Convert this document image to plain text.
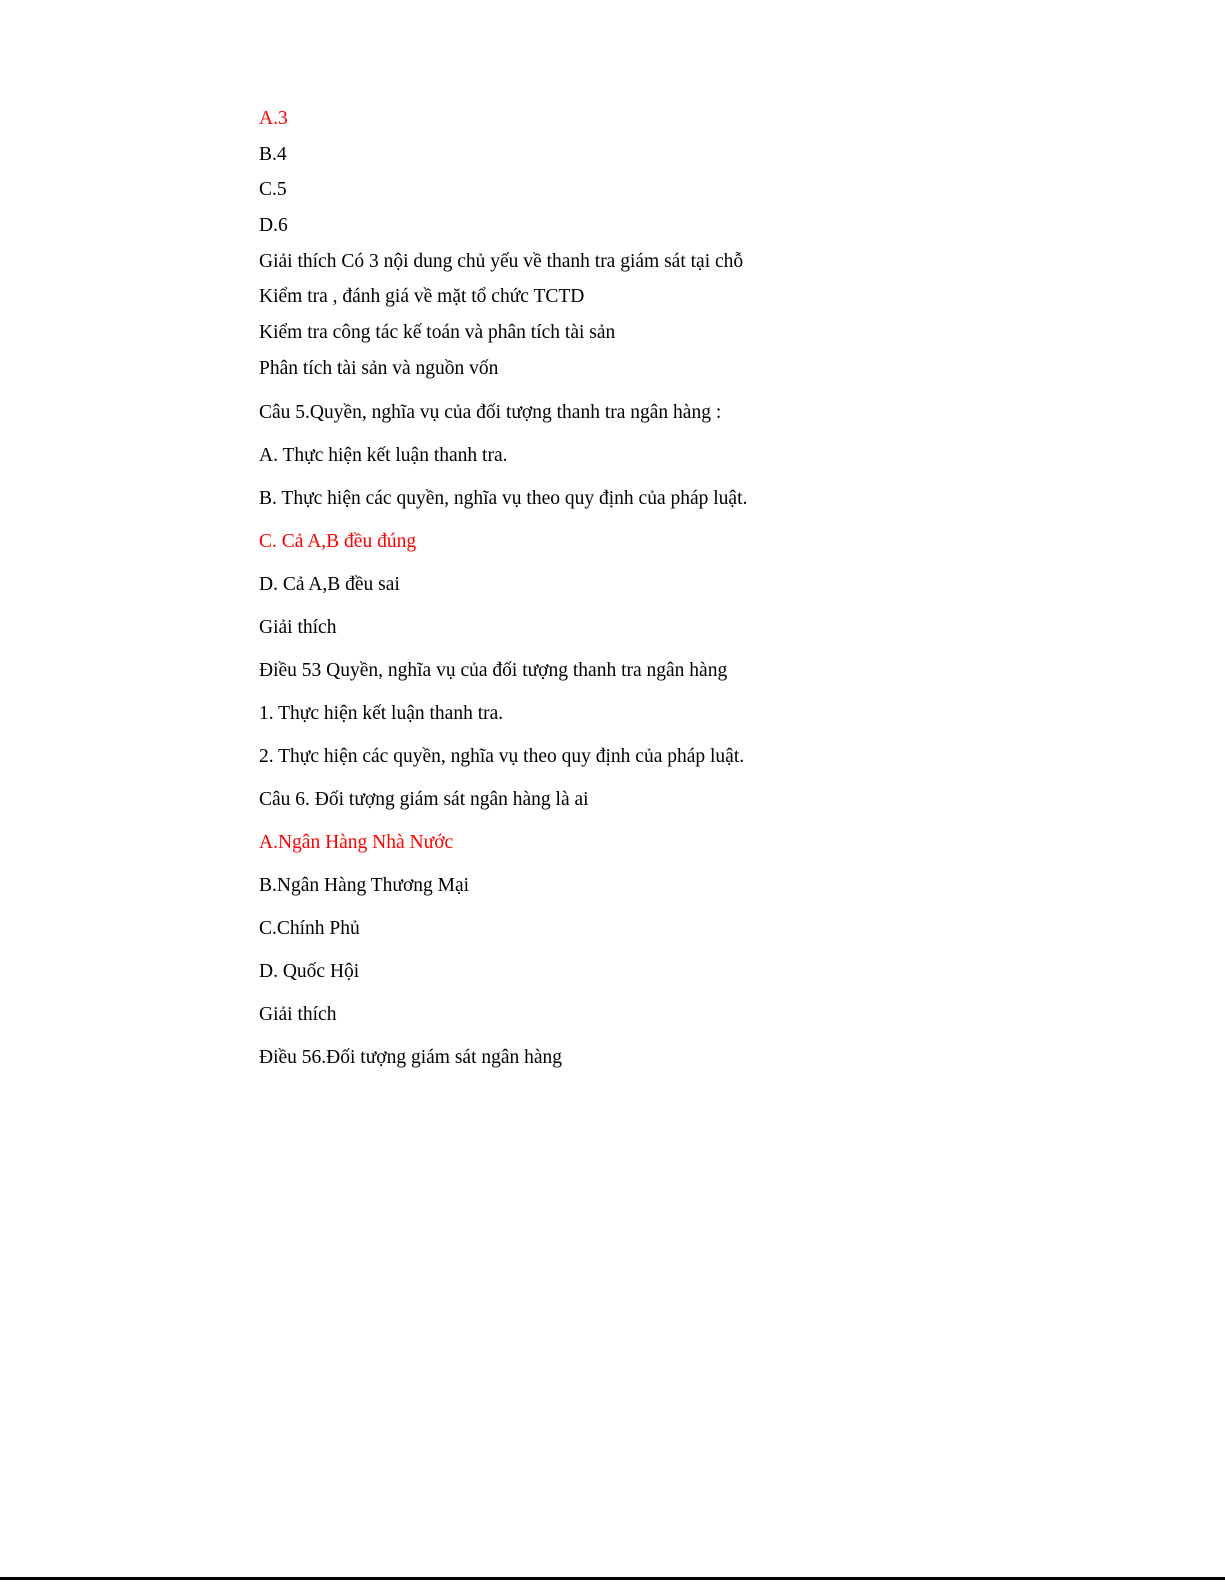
A.3

B.4

C.5

D.6

Giải thích Có 3 nội dung chủ yếu về thanh tra giám sát tại chỗ

Kiểm tra , đánh giá về mặt tổ chức TCTD

Kiểm tra công tác kế toán và phân tích tài sản

Phân tích tài sản và nguồn vốn

Câu 5.Quyền, nghĩa vụ của đối tượng thanh tra ngân hàng :

A. Thực hiện kết luận thanh tra.

B. Thực hiện các quyền, nghĩa vụ theo quy định của pháp luật.

C. Cả A,B đều đúng

D. Cả A,B đều sai

Giải thích

Điều 53 Quyền, nghĩa vụ của đối tượng thanh tra ngân hàng

1. Thực hiện kết luận thanh tra.

2. Thực hiện các quyền, nghĩa vụ theo quy định của pháp luật.

Câu 6. Đối tượng giám sát ngân hàng là ai

A.Ngân Hàng Nhà Nước

B.Ngân Hàng Thương Mại

C.Chính Phủ

D. Quốc Hội

Giải thích

Điều 56.Đối tượng giám sát ngân hàng
